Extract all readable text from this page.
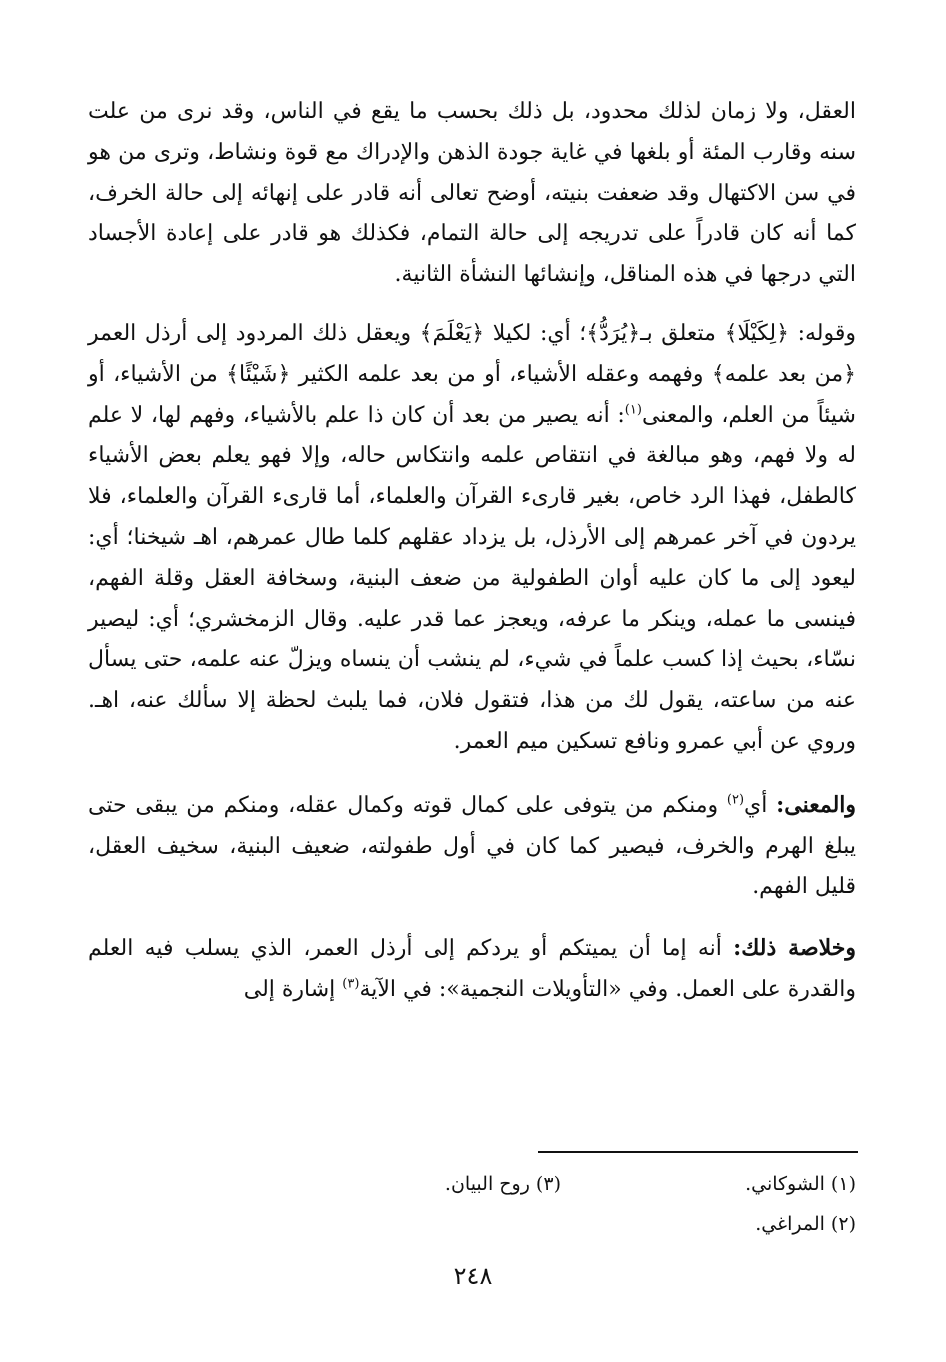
العقل، ولا زمان لذلك محدود، بل ذلك بحسب ما يقع في الناس، وقد نرى من علت سنه وقارب المئة أو بلغها في غاية جودة الذهن والإدراك مع قوة ونشاط، وترى من هو في سن الاكتهال وقد ضعفت بنيته، أوضح تعالى أنه قادر على إنهائه إلى حالة الخرف، كما أنه كان قادراً على تدريجه إلى حالة التمام، فكذلك هو قادر على إعادة الأجساد التي درجها في هذه المناقل، وإنشائها النشأة الثانية.

وقوله: ﴿لِكَيْلَا﴾ متعلق بـ﴿يُرَدُّ﴾؛ أي: لكيلا ﴿يَعْلَمَ﴾ ويعقل ذلك المردود إلى أرذل العمر ﴿من بعد علمه﴾ وفهمه وعقله الأشياء، أو من بعد علمه الكثير ﴿شَيْئًا﴾ من الأشياء، أو شيئاً من العلم، والمعنى$^{(١)}$: أنه يصير من بعد أن كان ذا علم بالأشياء، وفهم لها، لا علم له ولا فهم، وهو مبالغة في انتقاص علمه وانتكاس حاله، وإلا فهو يعلم بعض الأشياء كالطفل، فهذا الرد خاص، بغير قارىء القرآن والعلماء، أما قارىء القرآن والعلماء، فلا يردون في آخر عمرهم إلى الأرذل، بل يزداد عقلهم كلما طال عمرهم، اهـ شيخنا؛ أي: ليعود إلى ما كان عليه أوان الطفولية من ضعف البنية، وسخافة العقل وقلة الفهم، فينسى ما عمله، وينكر ما عرفه، ويعجز عما قدر عليه. وقال الزمخشري؛ أي: ليصير نسّاء، بحيث إذا كسب علماً في شيء، لم ينشب أن ينساه ويزلّ عنه علمه، حتى يسأل عنه من ساعته، يقول لك من هذا، فتقول فلان، فما يلبث لحظة إلا سألك عنه، اهـ. وروي عن أبي عمرو ونافع تسكين ميم العمر.

والمعنى: أي$^{(٢)}$ ومنكم من يتوفى على كمال قوته وكمال عقله، ومنكم من يبقى حتى يبلغ الهرم والخرف، فيصير كما كان في أول طفولته، ضعيف البنية، سخيف العقل، قليل الفهم.

وخلاصة ذلك: أنه إما أن يميتكم أو يردكم إلى أرذل العمر، الذي يسلب فيه العلم والقدرة على العمل. وفي «التأويلات النجمية»: في الآية$^{(٣)}$ إشارة إلى

(١) الشوكاني.
(٣) روح البيان.
(٢) المراغي.
٢٤٨
